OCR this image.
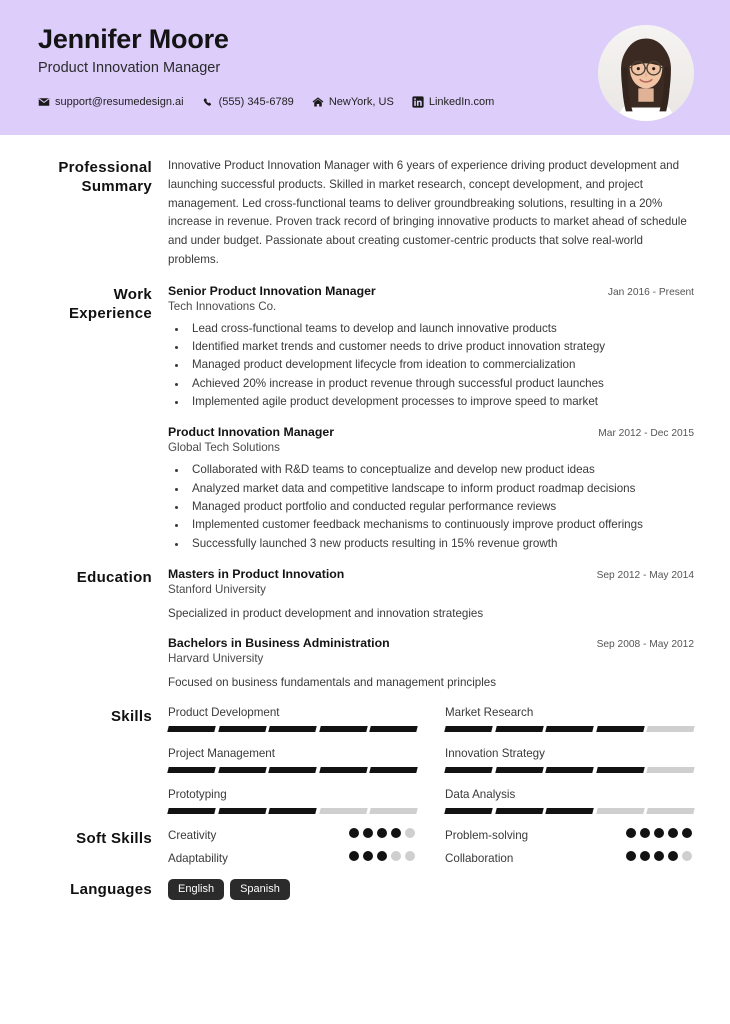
Jennifer Moore
Product Innovation Manager
support@resumedesign.ai	(555) 345-6789	NewYork, US	LinkedIn.com
Professional Summary
Innovative Product Innovation Manager with 6 years of experience driving product development and launching successful products. Skilled in market research, concept development, and project management. Led cross-functional teams to deliver groundbreaking solutions, resulting in a 20% increase in revenue. Proven track record of bringing innovative products to market ahead of schedule and under budget. Passionate about creating customer-centric products that solve real-world problems.
Work Experience
Senior Product Innovation Manager	Jan 2016 - Present
Tech Innovations Co.
• Lead cross-functional teams to develop and launch innovative products
• Identified market trends and customer needs to drive product innovation strategy
• Managed product development lifecycle from ideation to commercialization
• Achieved 20% increase in product revenue through successful product launches
• Implemented agile product development processes to improve speed to market
Product Innovation Manager	Mar 2012 - Dec 2015
Global Tech Solutions
• Collaborated with R&D teams to conceptualize and develop new product ideas
• Analyzed market data and competitive landscape to inform product roadmap decisions
• Managed product portfolio and conducted regular performance reviews
• Implemented customer feedback mechanisms to continuously improve product offerings
• Successfully launched 3 new products resulting in 15% revenue growth
Education	Masters in Product Innovation	Sep 2012 - May 2014
Stanford University
Specialized in product development and innovation strategies
Bachelors in Business Administration	Sep 2008 - May 2012
Harvard University
Focused on business fundamentals and management principles
Skills	Product Development	Market Research
Project Management	Innovation Strategy
Prototyping	Data Analysis
Soft Skills	Creativity	Problem-solving
Adaptability	Collaboration
Languages	English	Spanish
